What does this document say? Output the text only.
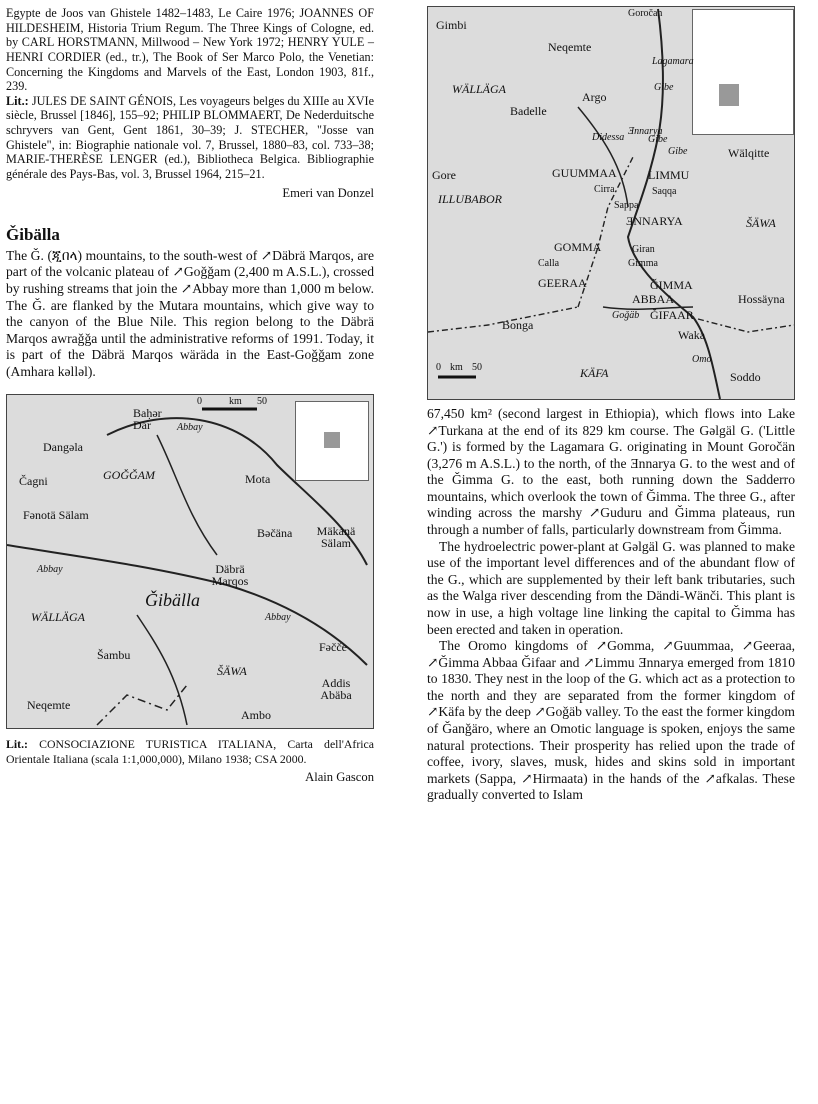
Egypte de Joos van Ghistele 1482–1483, Le Caire 1976; JOANNES OF HILDESHEIM, Historia Trium Regum. The Three Kings of Cologne, ed. by CARL HORSTMANN, Millwood – New York 1972; HENRY YULE – HENRI CORDIER (ed., tr.), The Book of Ser Marco Polo, the Venetian: Concerning the Kingdoms and Marvels of the East, London 1903, 81f., 239.

Lit.: JULES DE SAINT GÉNOIS, Les voyageurs belges du XIIIe au XVIe siècle, Brussel [1846], 155–92; PHILIP BLOMMAERT, De Nederduitsche schryvers van Gent, Gent 1861, 30–39; J. STECHER, "Josse van Ghistele", in: Biographie nationale vol. 7, Brussel, 1880–83, col. 733–38; MARIE-THERÈSE LENGER (ed.), Bibliotheca Belgica. Bibliographie générale des Pays-Bas, vol. 3, Brussel 1964, 215–21.

Emeri van Donzel

Ǧibälla

The Ǧ. (ጂበላ) mountains, to the south-west of ↗Däbrä Marqos, are part of the volcanic plateau of ↗Goǧǧam (2,400 m A.S.L.), crossed by rushing streams that join the ↗Abbay more than 1,000 m below. The Ǧ. are flanked by the Mutara mountains, which give way to the canyon of the Blue Nile. This region belong to the Däbrä Marqos awraǧǧa until the administrative reforms of 1991. Today, it is part of the Däbrä Marqos wäräda in the East-Goǧǧam zone (Amhara kəlləl).

Baḥər Dar	Abbay
km 50
0
Dangəla
GOǦǦAM
Čagni	Mota
Fənotä Sälam
Bəčäna	Mäkanä Sälam
Däbrä Marqos
Abbay
Ǧibälla
WÄLLÄGA	Abbay
Fəčče
Šambu
ŠÄWA
Addis Abäba
Neqemte
Ambo

Lit.: CONSOCIAZIONE TURISTICA ITALIANA, Carta dell'Africa Orientale Italiana (scala 1:1,000,000), Milano 1938; CSA 2000.

Alain Gascon

Gimbi
Goročan
Neqemte
Lagamara
WÄLLÄGA
Argo
Gibe
Badelle
Didessa
Ǝnnarya
Gibe
Gibe	Wälqitte
Gore	GUUMMAA	LIMMU
Cirra	Saqqa
ILLUBABOR	Sappa
ƎNNARYA	ŠÄWA
GOMMA	Giran
Calla	Gimma
GEERAA	ǦIMMA
ABBAA	Hossäyna
Goǧäb ǦIFAAR
Bonga
Waka
0 km 50	KÄFA
Omo
Soddo

67,450 km² (second largest in Ethiopia), which flows into Lake ↗Turkana at the end of its 829 km course. The Gəlgäl G. ('Little G.') is formed by the Lagamara G. originating in Mount Goročän (3,276 m A.S.L.) to the north, of the Ǝnnarya G. to the west and of the Ǧimma G. to the east, both running down the Sadderro mountains, which overlook the town of Ǧimma. The three G., after winding across the marshy ↗Guduru and Ǧimma plateaus, run through a number of falls, particularly downstream from Ǧimma.

The hydroelectric power-plant at Gəlgäl G. was planned to make use of the important level differences and of the abundant flow of the G., which are supplemented by their left bank tributaries, such as the Walga river descending from the Dändi-Wänči. This plant is now in use, a high voltage line linking the capital to Ǧimma has been erected and taken in operation.

The Oromo kingdoms of ↗Gomma, ↗Guummaa, ↗Geeraa, ↗Ǧimma Abbaa Ǧifaar and ↗Limmu Ǝnnarya emerged from 1810 to 1830. They nest in the loop of the G. which act as a protection to the north and they are separated from the former kingdom of ↗Käfa by the deep ↗Goǧäb valley. To the east the former kingdom of Ǧanǧäro, where an Omotic language is spoken, enjoys the same natural protections. Their prosperity has relied upon the trade of coffee, ivory, slaves, musk, hides and skins sold in important markets (Sappa, ↗Hirmaata) in the hands of the ↗afkalas. These gradually converted to Islam
